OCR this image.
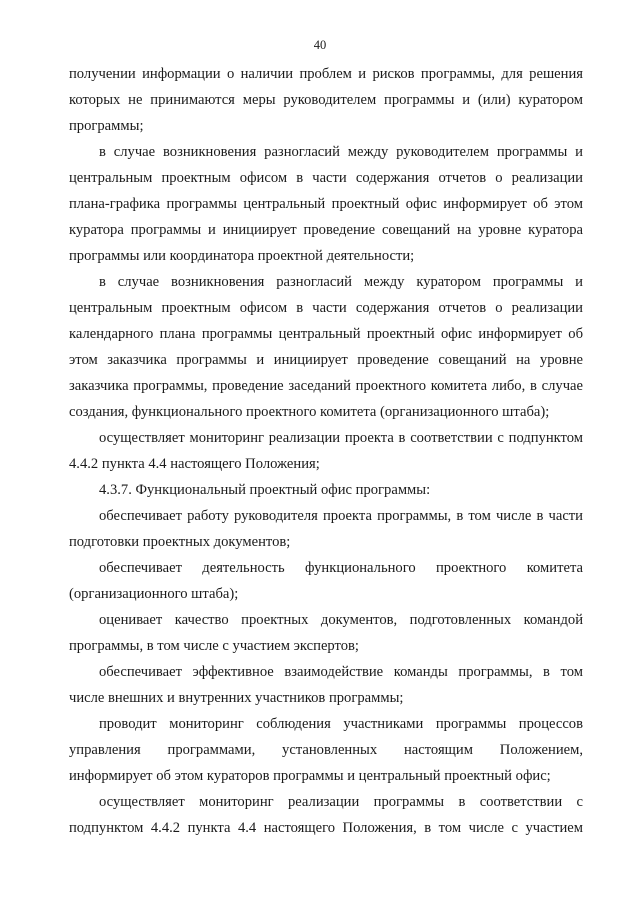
40
получении информации о наличии проблем и рисков программы, для решения
которых не принимаются меры руководителем программы и (или) куратором
программы;
в случае возникновения разногласий между руководителем программы и
центральным проектным офисом в части содержания отчетов о реализации
плана-графика программы центральный проектный офис информирует об этом
куратора программы и инициирует проведение совещаний на уровне куратора
программы или координатора проектной деятельности;
в случае возникновения разногласий между куратором программы и
центральным проектным офисом в части содержания отчетов о реализации
календарного плана программы центральный проектный офис информирует об
этом заказчика программы и инициирует проведение совещаний на уровне
заказчика программы, проведение заседаний проектного комитета либо, в случае
создания, функционального проектного комитета (организационного штаба);
осуществляет мониторинг реализации проекта в соответствии с подпунктом
4.4.2 пункта 4.4 настоящего Положения;
4.3.7. Функциональный проектный офис программы:
обеспечивает работу руководителя проекта программы, в том числе в части
подготовки проектных документов;
обеспечивает деятельность функционального проектного комитета
(организационного штаба);
оценивает качество проектных документов, подготовленных командой
программы, в том числе с участием экспертов;
обеспечивает эффективное взаимодействие команды программы, в том
числе внешних и внутренних участников программы;
проводит мониторинг соблюдения участниками программы процессов
управления программами, установленных настоящим Положением,
информирует об этом кураторов программы и центральный проектный офис;
осуществляет мониторинг реализации программы в соответствии с
подпунктом 4.4.2 пункта 4.4 настоящего Положения, в том числе с участием
